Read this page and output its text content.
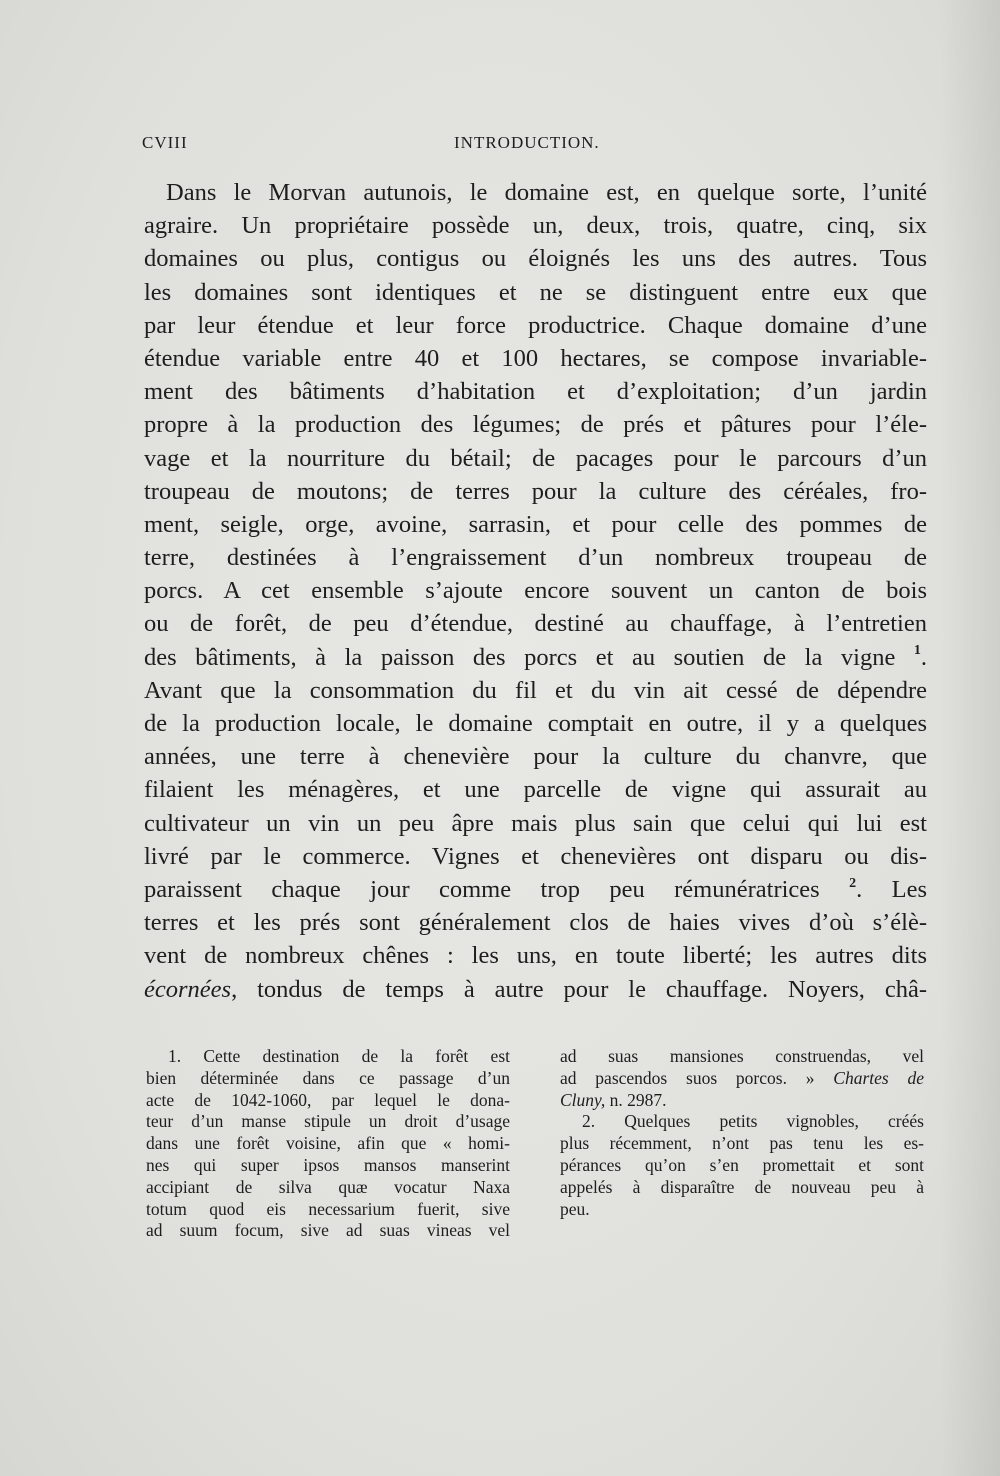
CVIII	INTRODUCTION.
Dans le Morvan autunois, le domaine est, en quelque sorte, l’unité
agraire. Un propriétaire possède un, deux, trois, quatre, cinq, six
domaines ou plus, contigus ou éloignés les uns des autres. Tous
les domaines sont identiques et ne se distinguent entre eux que
par leur étendue et leur force productrice. Chaque domaine d’une
étendue variable entre 40 et 100 hectares, se compose invariable-
ment des bâtiments d’habitation et d’exploitation; d’un jardin
propre à la production des légumes; de prés et pâtures pour l’éle-
vage et la nourriture du bétail; de pacages pour le parcours d’un
troupeau de moutons; de terres pour la culture des céréales, fro-
ment, seigle, orge, avoine, sarrasin, et pour celle des pommes de
terre, destinées à l’engraissement d’un nombreux troupeau de
porcs. A cet ensemble s’ajoute encore souvent un canton de bois
ou de forêt, de peu d’étendue, destiné au chauffage, à l’entretien
des bâtiments, à la paisson des porcs et au soutien de la vigne $^1$.
Avant que la consommation du fil et du vin ait cessé de dépendre
de la production locale, le domaine comptait en outre, il y a quelques
années, une terre à chenevière pour la culture du chanvre, que
filaient les ménagères, et une parcelle de vigne qui assurait au
cultivateur un vin un peu âpre mais plus sain que celui qui lui est
livré par le commerce. Vignes et chenevières ont disparu ou dis-
paraissent chaque jour comme trop peu rémunératrices $^2$. Les
terres et les prés sont généralement clos de haies vives d’où s’élè-
vent de nombreux chênes : les uns, en toute liberté; les autres dits
écornées, tondus de temps à autre pour le chauffage. Noyers, châ-
1. Cette destination de la forêt est
bien déterminée dans ce passage d’un
acte de 1042-1060, par lequel le dona-
teur d’un manse stipule un droit d’usage
dans une forêt voisine, afin que « homi-
nes qui super ipsos mansos manserint
accipiant de silva quæ vocatur Naxa
totum quod eis necessarium fuerit, sive
ad suum focum, sive ad suas vineas vel
ad suas mansiones construendas, vel
ad pascendos suos porcos. » Chartes de
Cluny, n. 2987.
2. Quelques petits vignobles, créés
plus récemment, n’ont pas tenu les es-
pérances qu’on s’en promettait et sont
appelés à disparaître de nouveau peu à
peu.
